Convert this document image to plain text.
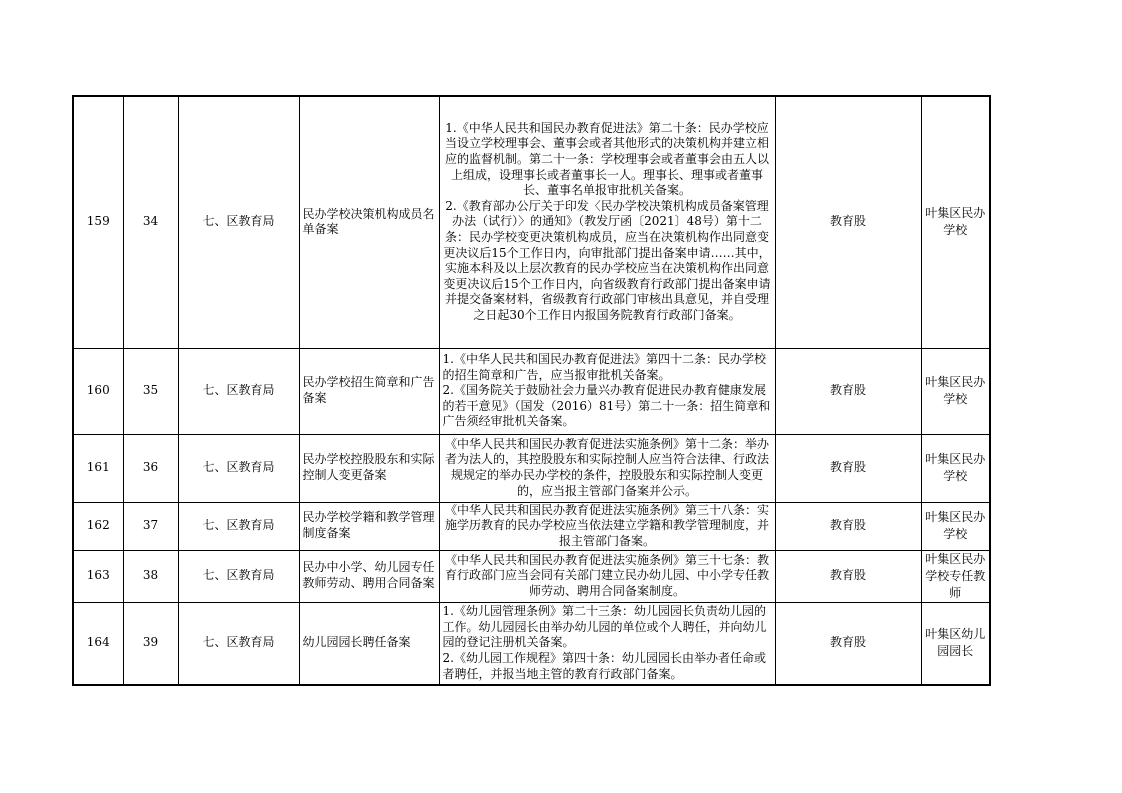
159	34	七、区教育局	民办学校决策机构成员名单备案	1.《中华人民共和国民办教育促进法》第二十条：民办学校应当设立学校理事会、董事会或者其他形式的决策机构并建立相应的监督机制。第二十一条：学校理事会或者董事会由五人以上组成，设理事长或者董事长一人。理事长、理事或者董事长、董事名单报审批机关备案。
2.《教育部办公厅关于印发〈民办学校决策机构成员备案管理办法（试行）〉的通知》（教发厅函〔2021〕48号）第十二条：民办学校变更决策机构成员，应当在决策机构作出同意变更决议后15个工作日内，向审批部门提出备案申请……其中，实施本科及以上层次教育的民办学校应当在决策机构作出同意变更决议后15个工作日内，向省级教育行政部门提出备案申请并提交备案材料，省级教育行政部门审核出具意见，并自受理之日起30个工作日内报国务院教育行政部门备案。	教育股	叶集区民办学校
160	35	七、区教育局	民办学校招生简章和广告备案	1.《中华人民共和国民办教育促进法》第四十二条：民办学校的招生简章和广告，应当报审批机关备案。
2.《国务院关于鼓励社会力量兴办教育促进民办教育健康发展的若干意见》（国发（2016）81号）第二十一条：招生简章和广告须经审批机关备案。	教育股	叶集区民办学校
161	36	七、区教育局	民办学校控股股东和实际控制人变更备案	《中华人民共和国民办教育促进法实施条例》第十二条：举办者为法人的，其控股股东和实际控制人应当符合法律、行政法规规定的举办民办学校的条件，控股股东和实际控制人变更的，应当报主管部门备案并公示。	教育股	叶集区民办学校
162	37	七、区教育局	民办学校学籍和教学管理制度备案	《中华人民共和国民办教育促进法实施条例》第三十八条：实施学历教育的民办学校应当依法建立学籍和教学管理制度，并报主管部门备案。	教育股	叶集区民办学校
163	38	七、区教育局	民办中小学、幼儿园专任教师劳动、聘用合同备案	《中华人民共和国民办教育促进法实施条例》第三十七条：教育行政部门应当会同有关部门建立民办幼儿园、中小学专任教师劳动、聘用合同备案制度。	教育股	叶集区民办学校专任教师
164	39	七、区教育局	幼儿园园长聘任备案	1.《幼儿园管理条例》第二十三条：幼儿园园长负责幼儿园的工作。幼儿园园长由举办幼儿园的单位或个人聘任，并向幼儿园的登记注册机关备案。
2.《幼儿园工作规程》第四十条：幼儿园园长由举办者任命或者聘任，并报当地主管的教育行政部门备案。	教育股	叶集区幼儿园园长
